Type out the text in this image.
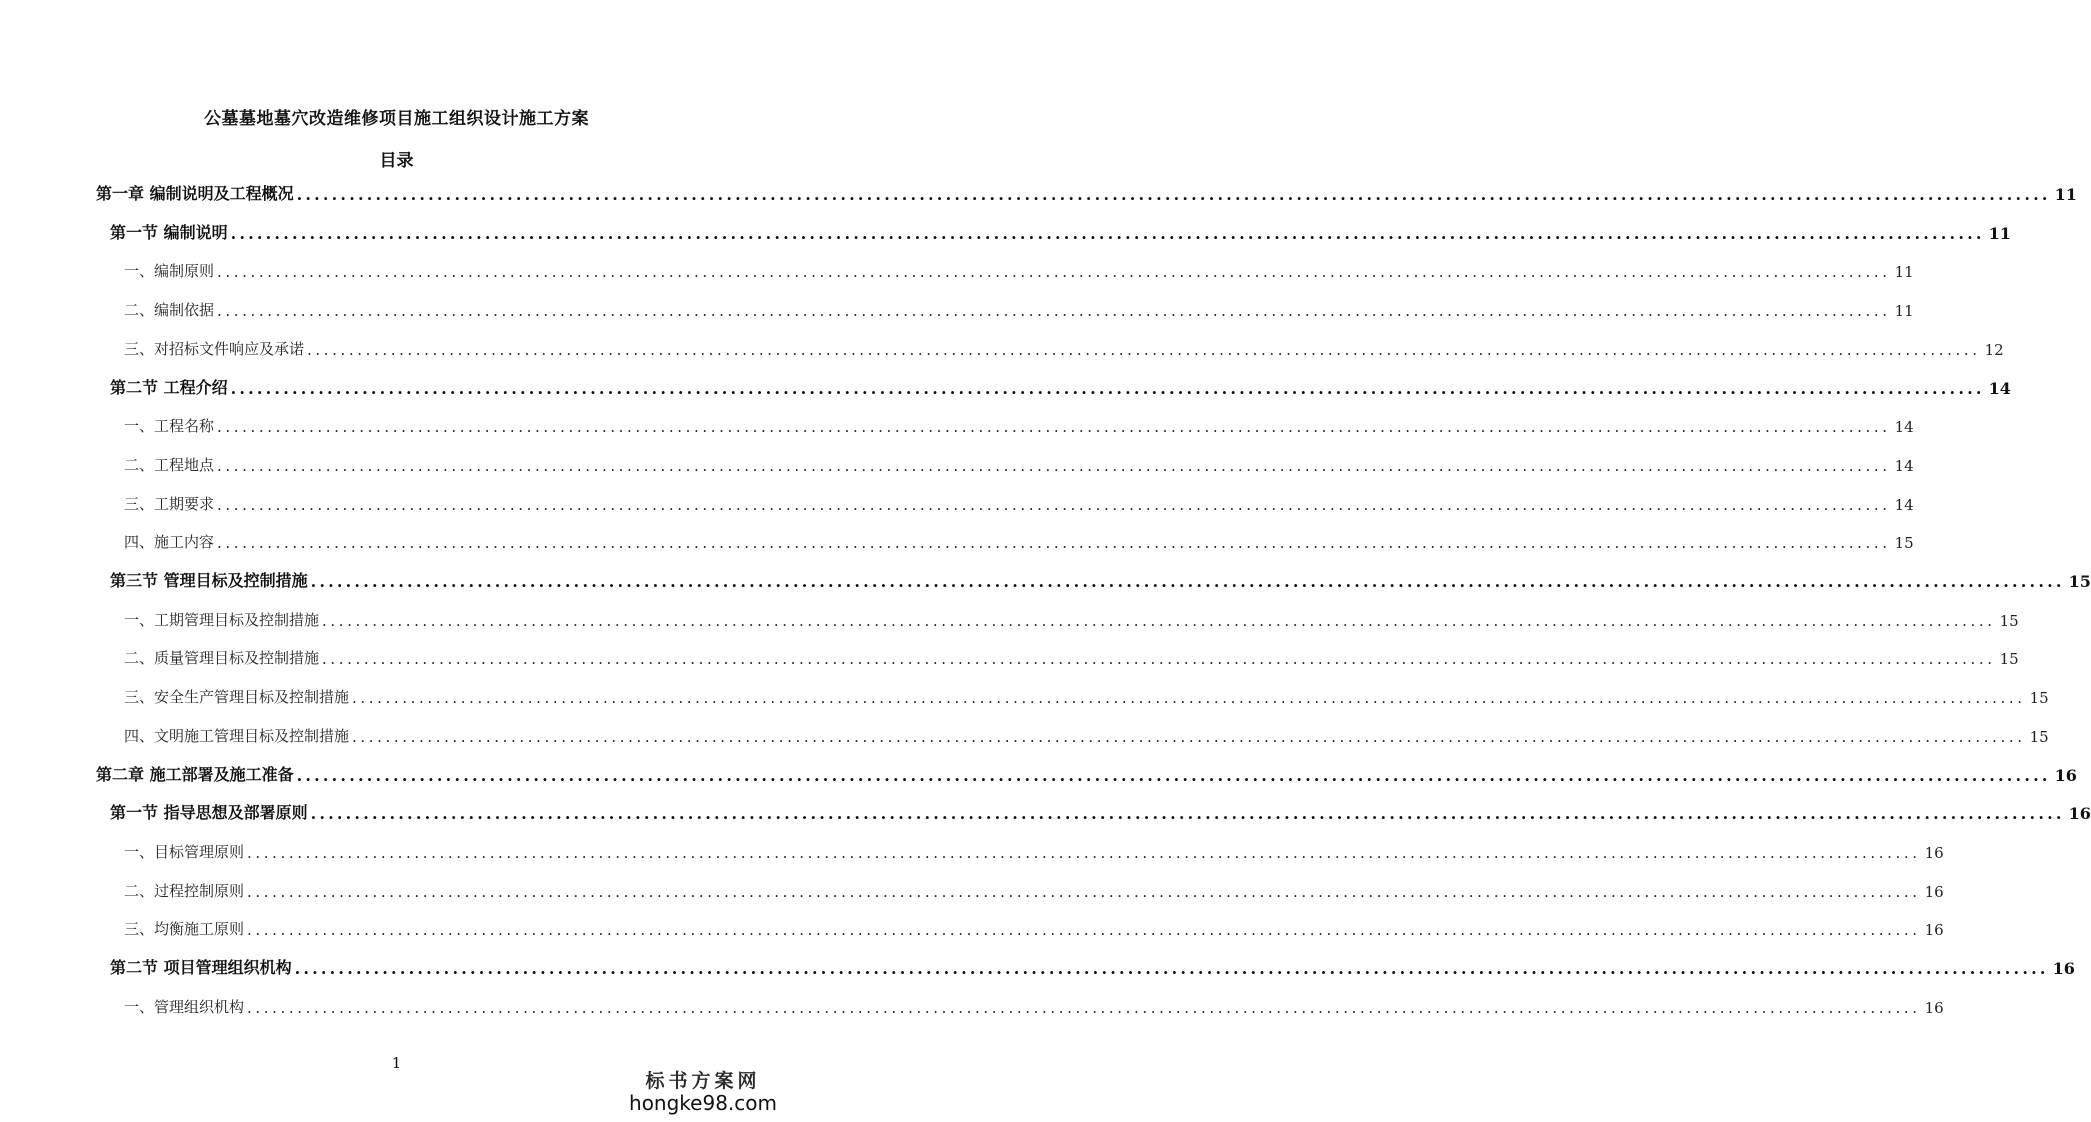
公墓墓地墓穴改造维修项目施工组织设计施工方案
目录
第一章 编制说明及工程概况 ........................................................................................................................................................................................................ 11
第一节 编制说明 ........................................................................................................................................................................................................ 11
一、编制原则 ........................................................................................................................................................................................................ 11
二、编制依据 ........................................................................................................................................................................................................ 11
三、对招标文件响应及承诺 ........................................................................................................................................................................................................ 12
第二节 工程介绍 ........................................................................................................................................................................................................ 14
一、工程名称 ........................................................................................................................................................................................................ 14
二、工程地点 ........................................................................................................................................................................................................ 14
三、工期要求 ........................................................................................................................................................................................................ 14
四、施工内容 ........................................................................................................................................................................................................ 15
第三节 管理目标及控制措施 ........................................................................................................................................................................................................ 15
一、工期管理目标及控制措施 ........................................................................................................................................................................................................ 15
二、质量管理目标及控制措施 ........................................................................................................................................................................................................ 15
三、安全生产管理目标及控制措施 ........................................................................................................................................................................................................ 15
四、文明施工管理目标及控制措施 ........................................................................................................................................................................................................ 15
第二章 施工部署及施工准备 ........................................................................................................................................................................................................ 16
第一节 指导思想及部署原则 ........................................................................................................................................................................................................ 16
一、目标管理原则 ........................................................................................................................................................................................................ 16
二、过程控制原则 ........................................................................................................................................................................................................ 16
三、均衡施工原则 ........................................................................................................................................................................................................ 16
第二节 项目管理组织机构 ........................................................................................................................................................................................................ 16
一、管理组织机构 ........................................................................................................................................................................................................ 16
1
标书方案网
hongke98.com
